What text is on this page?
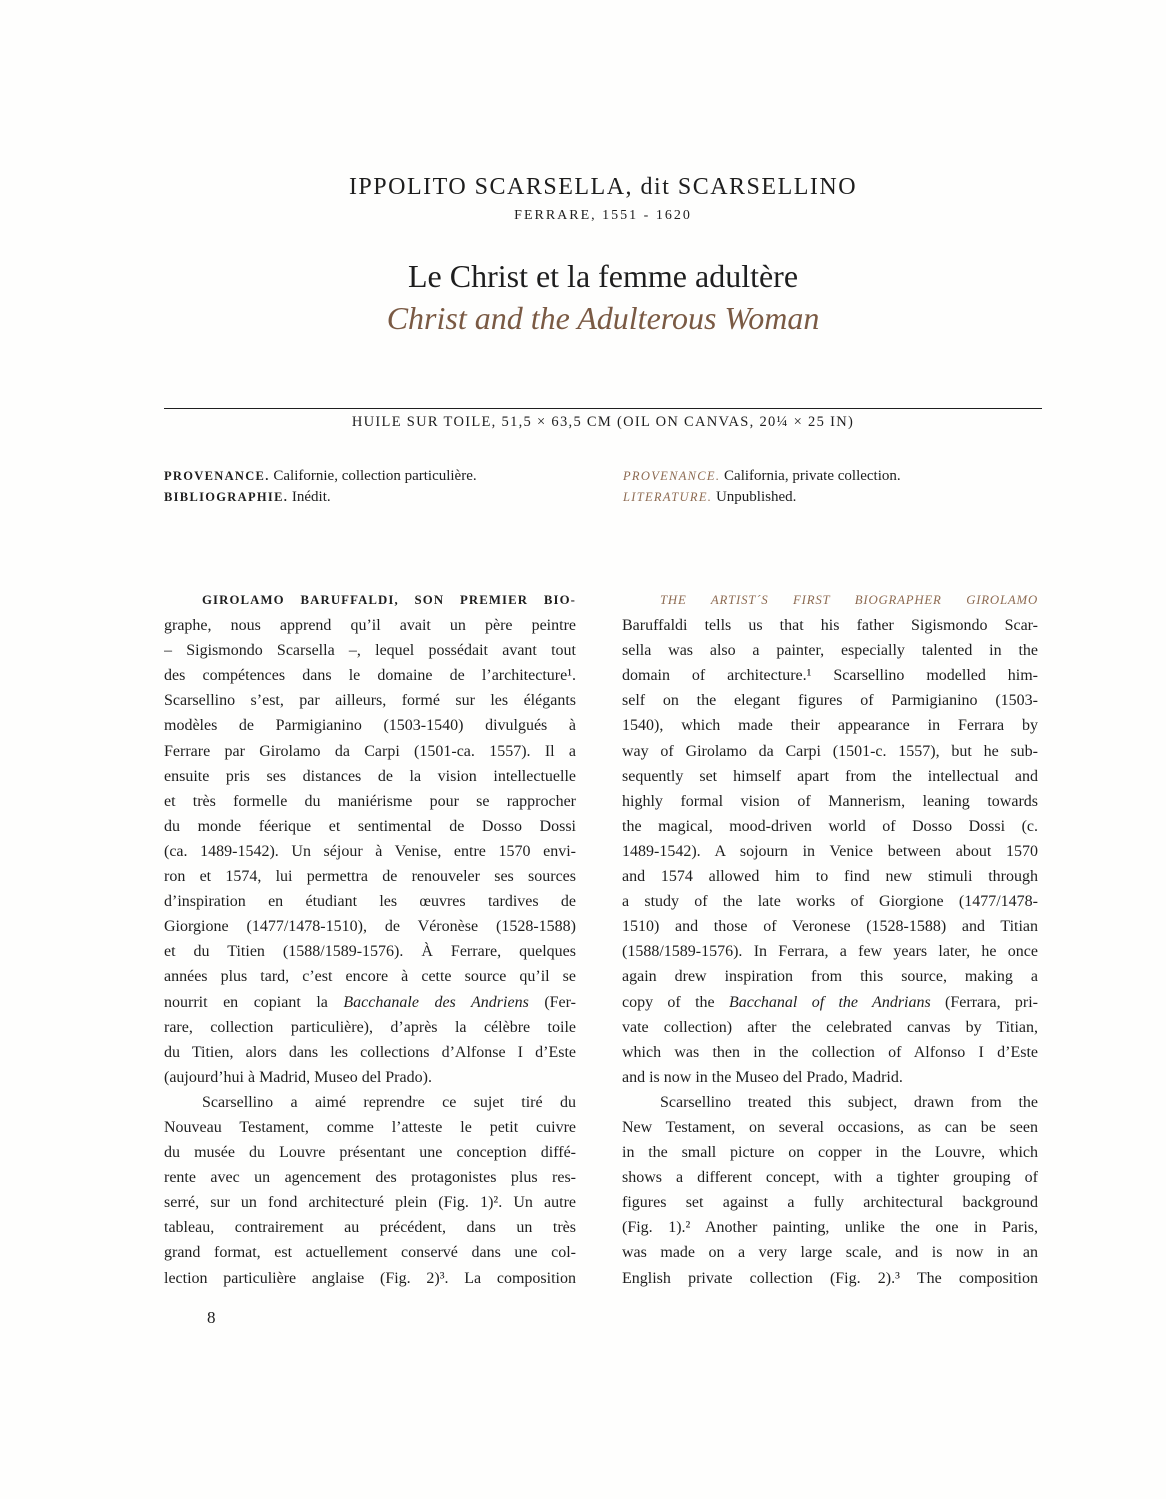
IPPOLITO SCARSELLA, dit SCARSELLINO
FERRARE, 1551 - 1620
Le Christ et la femme adultère
Christ and the Adulterous Woman
HUILE SUR TOILE, 51,5 × 63,5 CM (OIL ON CANVAS, 20¼ × 25 IN)
PROVENANCE. Californie, collection particulière.
BIBLIOGRAPHIE. Inédit.
PROVENANCE. California, private collection.
LITERATURE. Unpublished.
GIROLAMO BARUFFALDI, SON PREMIER BIO-
graphe, nous apprend qu’il avait un père peintre
– Sigismondo Scarsella –, lequel possédait avant tout
des compétences dans le domaine de l’architecture¹.
Scarsellino s’est, par ailleurs, formé sur les élégants
modèles de Parmigianino (1503-1540) divulgués à
Ferrare par Girolamo da Carpi (1501-ca. 1557). Il a
ensuite pris ses distances de la vision intellectuelle
et très formelle du maniérisme pour se rapprocher
du monde féerique et sentimental de Dosso Dossi
(ca. 1489-1542). Un séjour à Venise, entre 1570 envi-
ron et 1574, lui permettra de renouveler ses sources
d’inspiration en étudiant les œuvres tardives de
Giorgione (1477/1478-1510), de Véronèse (1528-1588)
et du Titien (1588/1589-1576). À Ferrare, quelques
années plus tard, c’est encore à cette source qu’il se
nourrit en copiant la Bacchanale des Andriens (Fer-
rare, collection particulière), d’après la célèbre toile
du Titien, alors dans les collections d’Alfonse I d’Este
(aujourd’hui à Madrid, Museo del Prado).
Scarsellino a aimé reprendre ce sujet tiré du
Nouveau Testament, comme l’atteste le petit cuivre
du musée du Louvre présentant une conception diffé-
rente avec un agencement des protagonistes plus res-
serré, sur un fond architecturé plein (Fig. 1)². Un autre
tableau, contrairement au précédent, dans un très
grand format, est actuellement conservé dans une col-
lection particulière anglaise (Fig. 2)³. La composition
THE ARTIST´S FIRST BIOGRAPHER GIROLAMO
Baruffaldi tells us that his father Sigismondo Scar-
sella was also a painter, especially talented in the
domain of architecture.¹ Scarsellino modelled him-
self on the elegant figures of Parmigianino (1503-
1540), which made their appearance in Ferrara by
way of Girolamo da Carpi (1501-c. 1557), but he sub-
sequently set himself apart from the intellectual and
highly formal vision of Mannerism, leaning towards
the magical, mood-driven world of Dosso Dossi (c.
1489-1542). A sojourn in Venice between about 1570
and 1574 allowed him to find new stimuli through
a study of the late works of Giorgione (1477/1478-
1510) and those of Veronese (1528-1588) and Titian
(1588/1589-1576). In Ferrara, a few years later, he once
again drew inspiration from this source, making a
copy of the Bacchanal of the Andrians (Ferrara, pri-
vate collection) after the celebrated canvas by Titian,
which was then in the collection of Alfonso I d’Este
and is now in the Museo del Prado, Madrid.
Scarsellino treated this subject, drawn from the
New Testament, on several occasions, as can be seen
in the small picture on copper in the Louvre, which
shows a different concept, with a tighter grouping of
figures set against a fully architectural background
(Fig. 1).² Another painting, unlike the one in Paris,
was made on a very large scale, and is now in an
English private collection (Fig. 2).³ The composition
8
